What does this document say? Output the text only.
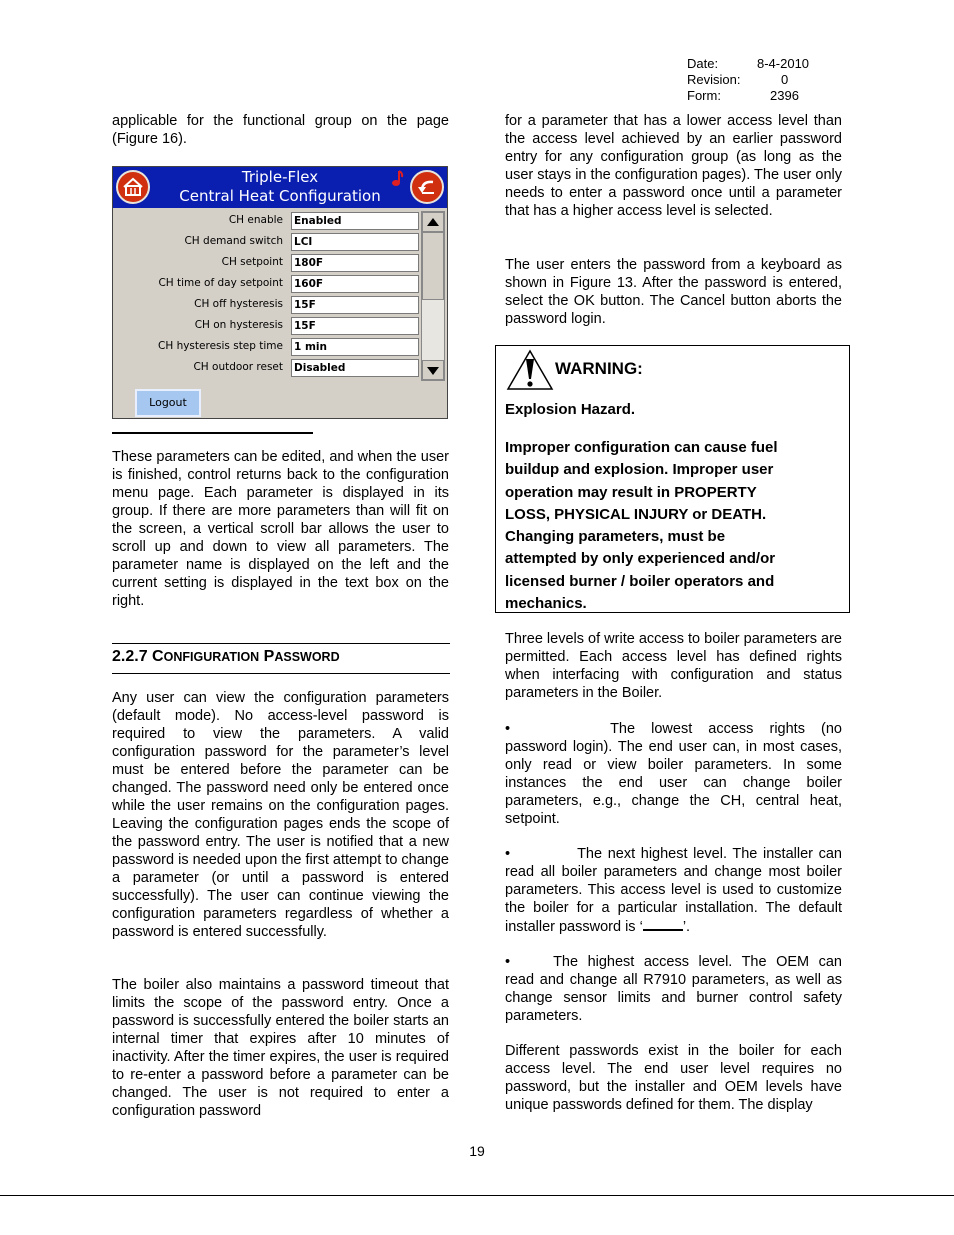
Date:	8-4-2010
Revision:	0
Form:	2396

applicable for the functional group on the page (Figure 16).

Triple-Flex
Central Heat Configuration
CH enable Enabled
CH demand switch LCI
CH setpoint 180F
CH time of day setpoint 160F
CH off hysteresis 15F
CH on hysteresis 15F
CH hysteresis step time 1 min
CH outdoor reset Disabled
Logout

These parameters can be edited, and when the user is finished, control returns back to the configuration menu page. Each parameter is displayed in its group. If there are more parameters than will fit on the screen, a vertical scroll bar allows the user to scroll up and down to view all parameters. The parameter name is displayed on the left and the current setting is displayed in the text box on the right.

2.2.7 CONFIGURATION PASSWORD

Any user can view the configuration parameters (default mode). No access-level password is required to view the parameters. A valid configuration password for the parameter’s level must be entered before the parameter can be changed. The password need only be entered once while the user remains on the configuration pages. Leaving the configuration pages ends the scope of the password entry. The user is notified that a new password is needed upon the first attempt to change a parameter (or until a password is entered successfully). The user can continue viewing the configuration parameters regardless of whether a password is entered successfully.

The boiler also maintains a password timeout that limits the scope of the password entry. Once a password is successfully entered the boiler starts an internal timer that expires after 10 minutes of inactivity. After the timer expires, the user is required to re-enter a password before a parameter can be changed. The user is not required to enter a configuration password

for a parameter that has a lower access level than the access level achieved by an earlier password entry for any configuration group (as long as the user stays in the configuration pages). The user only needs to enter a password once until a parameter that has a higher access level is selected.

The user enters the password from a keyboard as shown in Figure 13. After the password is entered, select the OK button. The Cancel button aborts the password login.

WARNING:
Explosion Hazard.
Improper configuration can cause fuel
buildup and explosion. Improper user
operation may result in PROPERTY
LOSS, PHYSICAL INJURY or DEATH.
Changing parameters, must be
attempted by only experienced and/or
licensed burner / boiler operators and
mechanics.

Three levels of write access to boiler parameters are permitted. Each access level has defined rights when interfacing with configuration and status parameters in the Boiler.

•	The lowest access rights (no password login). The end user can, in most cases, only read or view boiler parameters. In some instances the end user can change boiler parameters, e.g., change the CH, central heat, setpoint.
•	The next highest level. The installer can read all boiler parameters and change most boiler parameters. This access level is used to customize the boiler for a particular installation. The default installer password is ‘	’.
•	The highest access level. The OEM can read and change all R7910 parameters, as well as change sensor limits and burner control safety parameters.

Different passwords exist in the boiler for each access level. The end user level requires no password, but the installer and OEM levels have unique passwords defined for them. The display

19
